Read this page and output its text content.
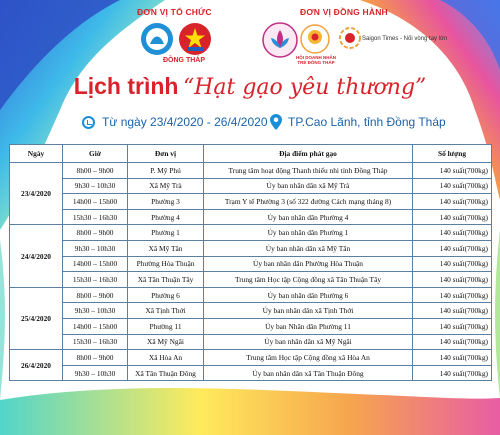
ĐƠN VỊ TỔ CHỨC	ĐƠN VỊ ĐỒNG HÀNH
ĐỒNG THÁP	HỘI DOANH NHÂN TRẺ ĐỒNG THÁP
Saigon Times - Nối vòng tay lớn
Lịch trình “Hạt gạo yêu thương”
Từ ngày 23/4/2020 - 26/4/2020 TP.Cao Lãnh, tỉnh Đồng Tháp
Ngày	Giờ	Đơn vị	Địa điểm phát gạo	Số lượng
23/4/2020	8h00 – 9h00	P. Mỹ Phú	Trung tâm hoạt động Thanh thiếu nhi tỉnh Đồng Tháp	140 suất(700kg)
	9h30 – 10h30	Xã Mỹ Trà	Ủy ban nhân dân xã Mỹ Trà	140 suất(700kg)
	14h00 – 15h00	Phường 3	Trạm Y tế Phường 3 (số 322 đường Cách mạng tháng 8)	140 suất(700kg)
	15h30 – 16h30	Phường 4	Ủy ban nhân dân Phường 4	140 suất(700kg)
24/4/2020	8h00 – 9h00	Phường 1	Ủy ban nhân dân Phường 1	140 suất(700kg)
	9h30 – 10h30	Xã Mỹ Tân	Ủy ban nhân dân xã Mỹ Tân	140 suất(700kg)
	14h00 – 15h00	Phường Hòa Thuận	Ủy ban nhân dân Phường Hòa Thuận	140 suất(700kg)
	15h30 – 16h30	Xã Tân Thuận Tây	Trung tâm Học tập Cộng đồng xã Tân Thuận Tây	140 suất(700kg)
25/4/2020	8h00 – 9h00	Phường 6	Ủy ban nhân dân Phường 6	140 suất(700kg)
	9h30 – 10h30	Xã Tịnh Thới	Ủy ban nhân dân xã Tịnh Thới	140 suất(700kg)
	14h00 – 15h00	Phường 11	Ủy ban Nhân dân Phường 11	140 suất(700kg)
	15h30 – 16h30	Xã Mỹ Ngãi	Ủy ban nhân dân xã Mỹ Ngãi	140 suất(700kg)
26/4/2020	8h00 – 9h00	Xã Hòa An	Trung tâm Học tập Cộng đồng xã Hòa An	140 suất(700kg)
	9h30 – 10h30	Xã Tân Thuận Đông	Ủy ban nhân dân xã Tân Thuận Đông	140 suất(700kg)
